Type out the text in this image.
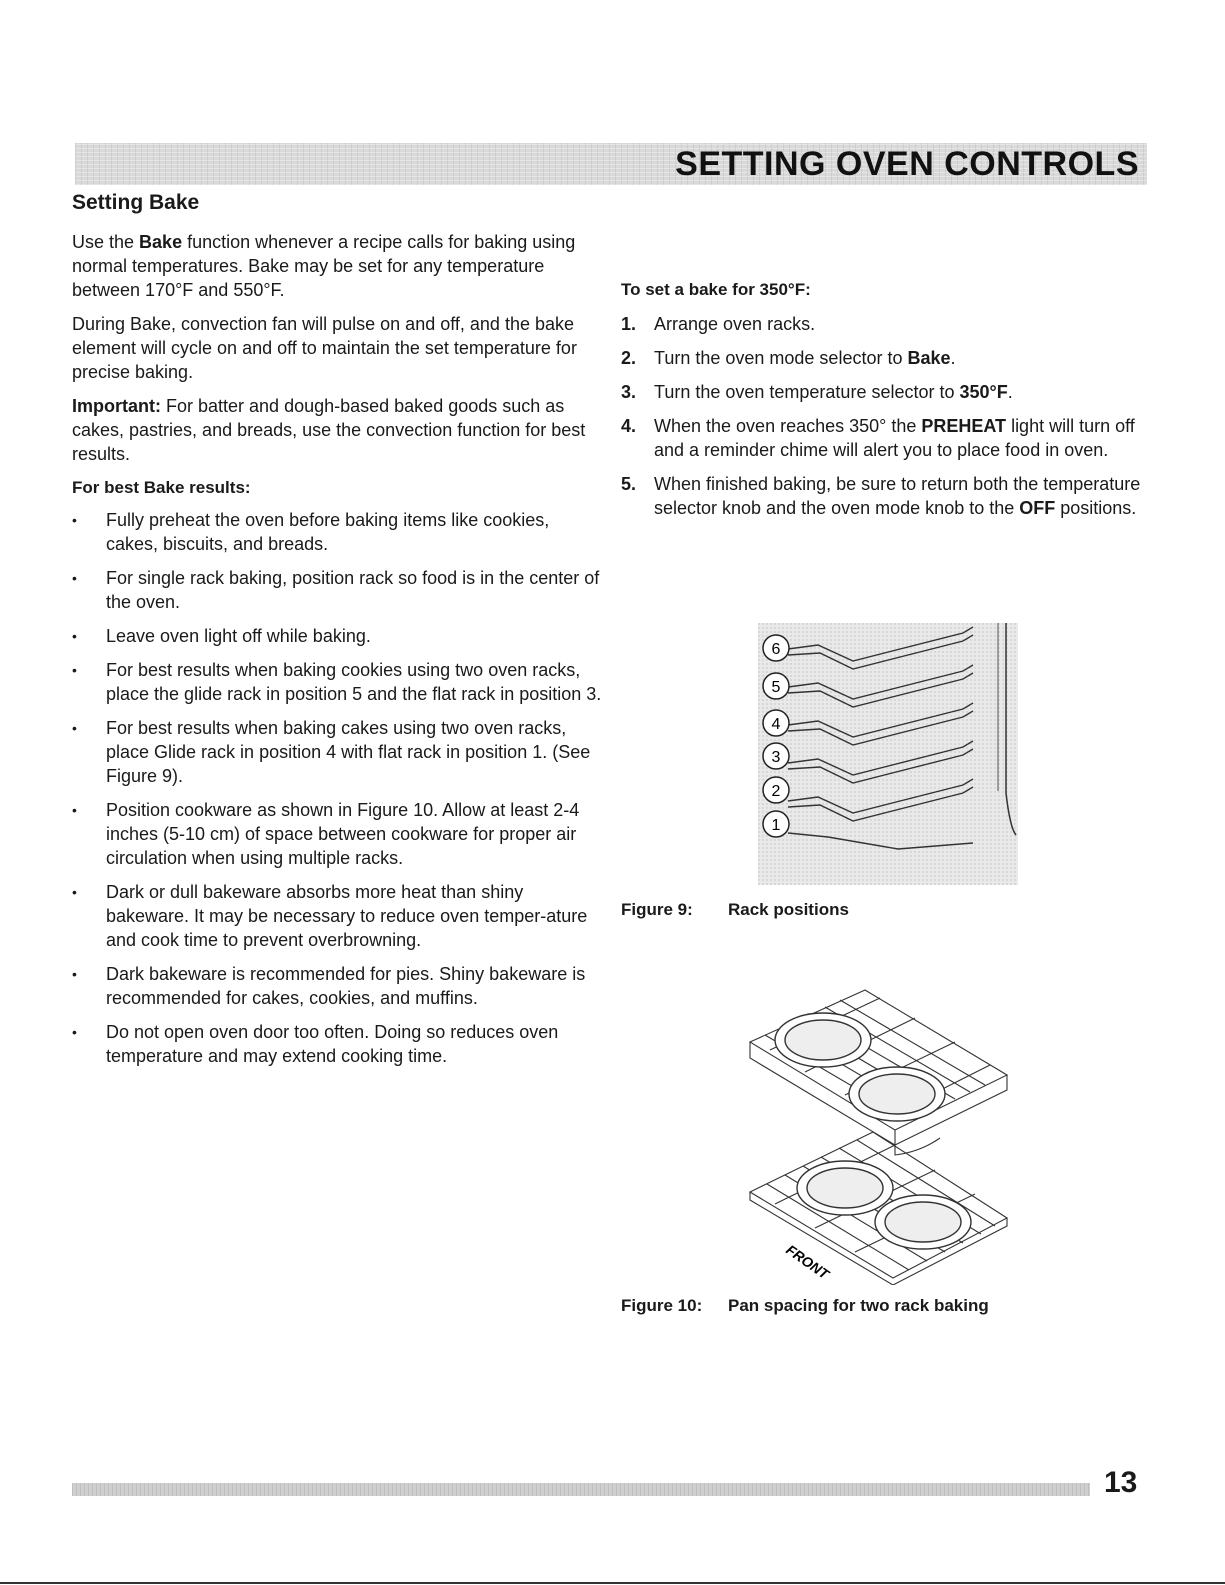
SETTING OVEN CONTROLS
Setting Bake

Use the Bake function whenever a recipe calls for baking using normal temperatures. Bake may be set for any temperature between 170°F and 550°F.

During Bake, convection fan will pulse on and off, and the bake element will cycle on and off to maintain the set temperature for precise baking.

Important: For batter and dough-based baked goods such as cakes, pastries, and breads, use the convection function for best results.

For best Bake results:
• Fully preheat the oven before baking items like cookies, cakes, biscuits, and breads.
• For single rack baking, position rack so food is in the center of the oven.
• Leave oven light off while baking.
• For best results when baking cookies using two oven racks, place the glide rack in position 5 and the flat rack in position 3.
• For best results when baking cakes using two oven racks, place Glide rack in position 4 with flat rack in position 1. (See Figure 9).
• Position cookware as shown in Figure 10. Allow at least 2-4 inches (5-10 cm) of space between cookware for proper air circulation when using multiple racks.
• Dark or dull bakeware absorbs more heat than shiny bakeware. It may be necessary to reduce oven temper-ature and cook time to prevent overbrowning.
• Dark bakeware is recommended for pies. Shiny bakeware is recommended for cakes, cookies, and muffins.
• Do not open oven door too often. Doing so reduces oven temperature and may extend cooking time.
To set a bake for 350°F:
1. Arrange oven racks.
2. Turn the oven mode selector to Bake.
3. Turn the oven temperature selector to 350°F.
4. When the oven reaches 350° the PREHEAT light will turn off and a reminder chime will alert you to place food in oven.
5. When finished baking, be sure to return both the temperature selector knob and the oven mode knob to the OFF positions.
6
5
4
3
2
1
Figure 9: Rack positions
FRONT
Figure 10: Pan spacing for two rack baking
13
